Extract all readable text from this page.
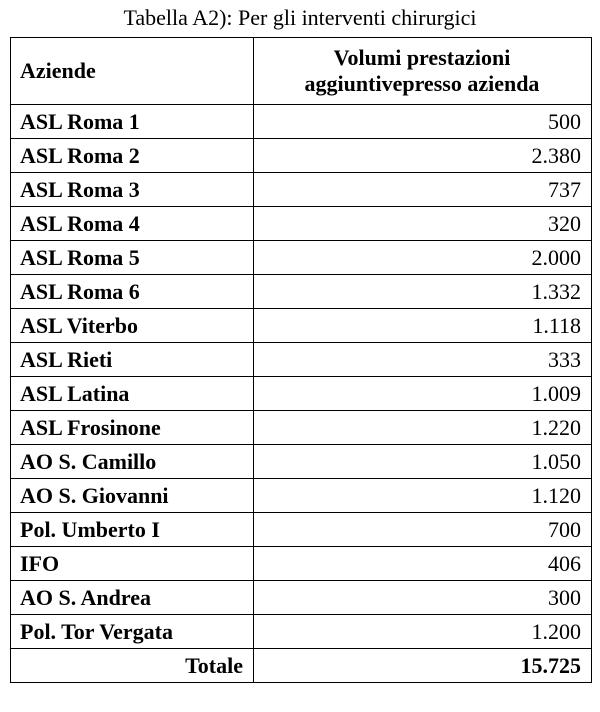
Tabella A2): Per gli interventi chirurgici
Aziende	Volumi prestazioni
aggiuntivepresso azienda
ASL Roma 1	500
ASL Roma 2	2.380
ASL Roma 3	737
ASL Roma 4	320
ASL Roma 5	2.000
ASL Roma 6	1.332
ASL Viterbo	1.118
ASL Rieti	333
ASL Latina	1.009
ASL Frosinone	1.220
AO S. Camillo	1.050
AO S. Giovanni	1.120
Pol. Umberto I	700
IFO	406
AO S. Andrea	300
Pol. Tor Vergata	1.200
Totale	15.725
